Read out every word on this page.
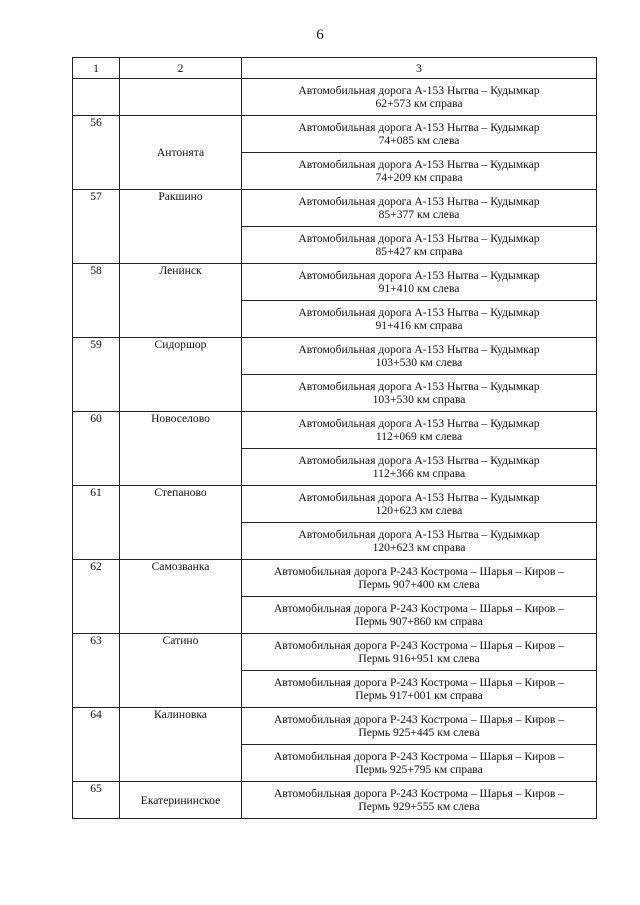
6
1	2	3

		Автомобильная дорога А-153 Нытва – Кудымкар
62+573 км справа

56	Антонята	Автомобильная дорога А-153 Нытва – Кудымкар
74+085 км слева

		Автомобильная дорога А-153 Нытва – Кудымкар
74+209 км справа

57	Ракшино	Автомобильная дорога А-153 Нытва – Кудымкар
85+377 км слева

		Автомобильная дорога А-153 Нытва – Кудымкар
85+427 км справа

58	Ленинск	Автомобильная дорога А-153 Нытва – Кудымкар
91+410 км слева

		Автомобильная дорога А-153 Нытва – Кудымкар
91+416 км справа

59	Сидоршор	Автомобильная дорога А-153 Нытва – Кудымкар
103+530 км слева

		Автомобильная дорога А-153 Нытва – Кудымкар
103+530 км справа

60	Новоселово	Автомобильная дорога А-153 Нытва – Кудымкар
112+069 км слева

		Автомобильная дорога А-153 Нытва – Кудымкар
112+366 км справа

61	Степаново	Автомобильная дорога А-153 Нытва – Кудымкар
120+623 км слева

		Автомобильная дорога А-153 Нытва – Кудымкар
120+623 км справа

62	Самозванка	Автомобильная дорога Р-243 Кострома – Шарья – Киров –
Пермь 907+400 км слева

		Автомобильная дорога Р-243 Кострома – Шарья – Киров –
Пермь 907+860 км справа

63	Сатино	Автомобильная дорога Р-243 Кострома – Шарья – Киров –
Пермь 916+951 км слева

		Автомобильная дорога Р-243 Кострома – Шарья – Киров –
Пермь 917+001 км справа

64	Калиновка	Автомобильная дорога Р-243 Кострома – Шарья – Киров –
Пермь 925+445 км слева

		Автомобильная дорога Р-243 Кострома – Шарья – Киров –
Пермь 925+795 км справа

65	Екатерининское	Автомобильная дорога Р-243 Кострома – Шарья – Киров –
Пермь 929+555 км слева
